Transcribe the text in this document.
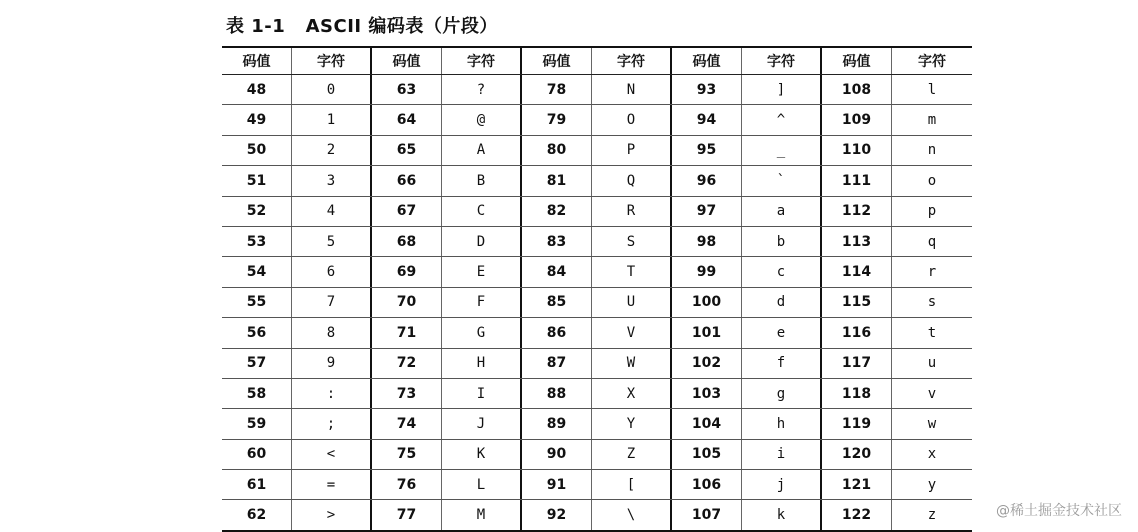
表 1-1   ASCII 编码表（片段）
码值	字符	码值	字符	码值	字符	码值	字符	码值	字符
48	0	63	?	78	N	93	]	108	l
49	1	64	@	79	O	94	^	109	m
50	2	65	A	80	P	95	_	110	n
51	3	66	B	81	Q	96	`	111	o
52	4	67	C	82	R	97	a	112	p
53	5	68	D	83	S	98	b	113	q
54	6	69	E	84	T	99	c	114	r
55	7	70	F	85	U	100	d	115	s
56	8	71	G	86	V	101	e	116	t
57	9	72	H	87	W	102	f	117	u
58	:	73	I	88	X	103	g	118	v
59	;	74	J	89	Y	104	h	119	w
60	<	75	K	90	Z	105	i	120	x
61	=	76	L	91	[	106	j	121	y
62	>	77	M	92	\	107	k	122	z	@稀土掘金技术社区
